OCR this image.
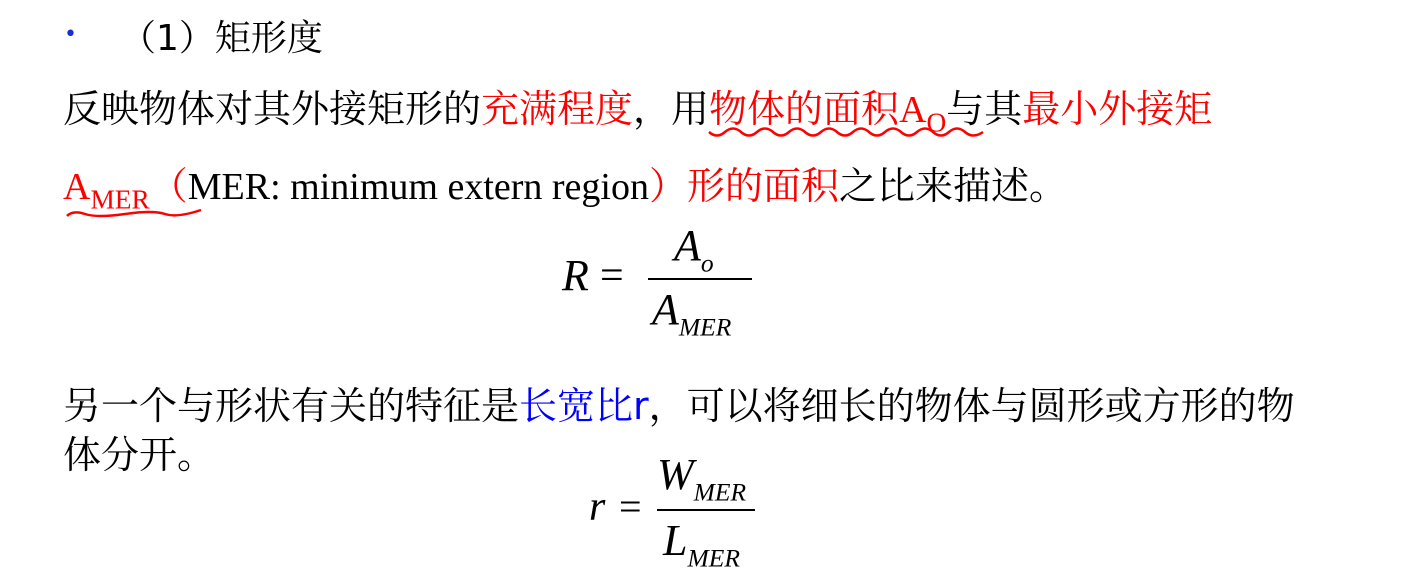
• （1）矩形度
反映物体对其外接矩形的充满程度，用物体的面积$A_O$
与其最小外接矩
$A_{MER}$
（MER: minimum extern region）形的面积之比来描述。
R =
$A_o$
$A_{MER}$
另一个与形状有关的特征是长宽比r，可以将细长的物体与圆形或方形的物
体分开。
r =
$W_{MER}$
$L_{MER}$
